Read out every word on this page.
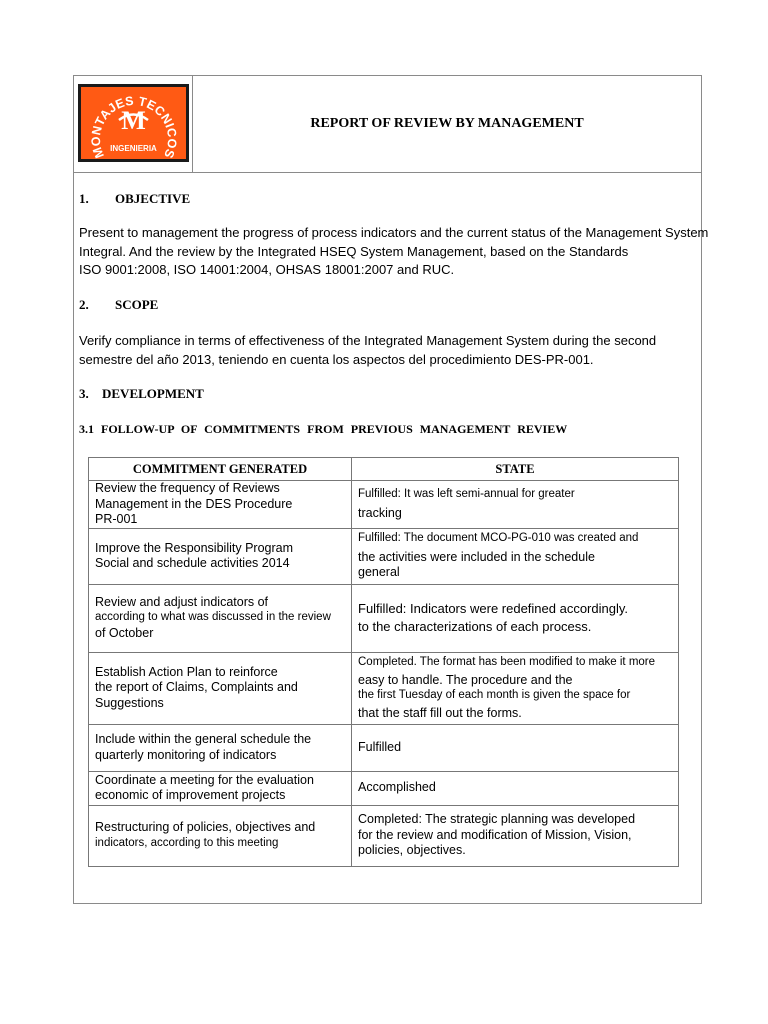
MONTAJES TECNICOS
M
INGENIERIA
REPORT OF REVIEW BY MANAGEMENT
1. OBJECTIVE
Present to management the progress of process indicators and the current status of the Management System
Integral. And the review by the Integrated HSEQ System Management, based on the Standards
ISO 9001:2008, ISO 14001:2004, OHSAS 18001:2007 and RUC.
2. SCOPE
Verify compliance in terms of effectiveness of the Integrated Management System during the second
semestre del año 2013, teniendo en cuenta los aspectos del procedimiento DES-PR-001.
3. DEVELOPMENT
3.1 FOLLOW-UP OF COMMITMENTS FROM PREVIOUS MANAGEMENT REVIEW
COMMITMENT GENERATED	STATE

Review the frequency of Reviews
Management in the DES Procedure
PR-001	Fulfilled: It was left semi-annual for greater
tracking

Improve the Responsibility Program
Social and schedule activities 2014	Fulfilled: The document MCO-PG-010 was created and
the activities were included in the schedule
general

Review and adjust indicators of
according to what was discussed in the review
of October	Fulfilled: Indicators were redefined accordingly.
to the characterizations of each process.

Establish Action Plan to reinforce
the report of Claims, Complaints and
Suggestions	Completed. The format has been modified to make it more
easy to handle. The procedure and the
the first Tuesday of each month is given the space for
that the staff fill out the forms.

Include within the general schedule the
quarterly monitoring of indicators	Fulfilled

Coordinate a meeting for the evaluation
economic of improvement projects	Accomplished

Restructuring of policies, objectives and
indicators, according to this meeting	Completed: The strategic planning was developed
for the review and modification of Mission, Vision,
policies, objectives.
